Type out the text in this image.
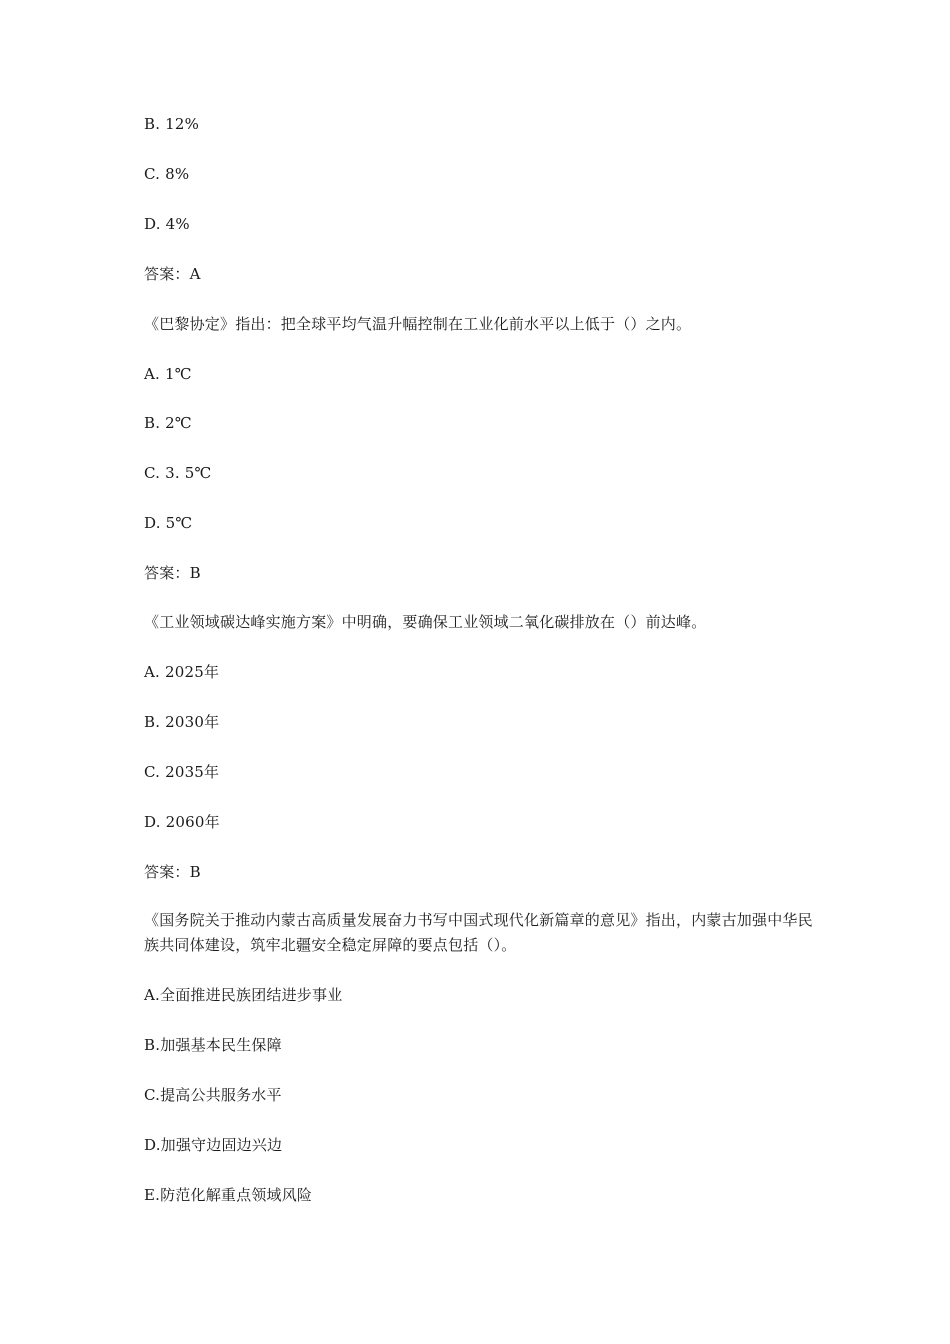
B. 12%
C. 8%
D. 4%
答案：A
《巴黎协定》指出：把全球平均气温升幅控制在工业化前水平以上低于（）之内。
A. 1℃
B. 2℃
C. 3. 5℃
D. 5℃
答案：B
《工业领域碳达峰实施方案》中明确，要确保工业领域二氧化碳排放在（）前达峰。
A. 2025年
B. 2030年
C. 2035年
D. 2060年
答案：B
《国务院关于推动内蒙古高质量发展奋力书写中国式现代化新篇章的意见》指出，内蒙古加强中华民族共同体建设，筑牢北疆安全稳定屏障的要点包括（）。
A.全面推进民族团结进步事业
B.加强基本民生保障
C.提高公共服务水平
D.加强守边固边兴边
E.防范化解重点领域风险
